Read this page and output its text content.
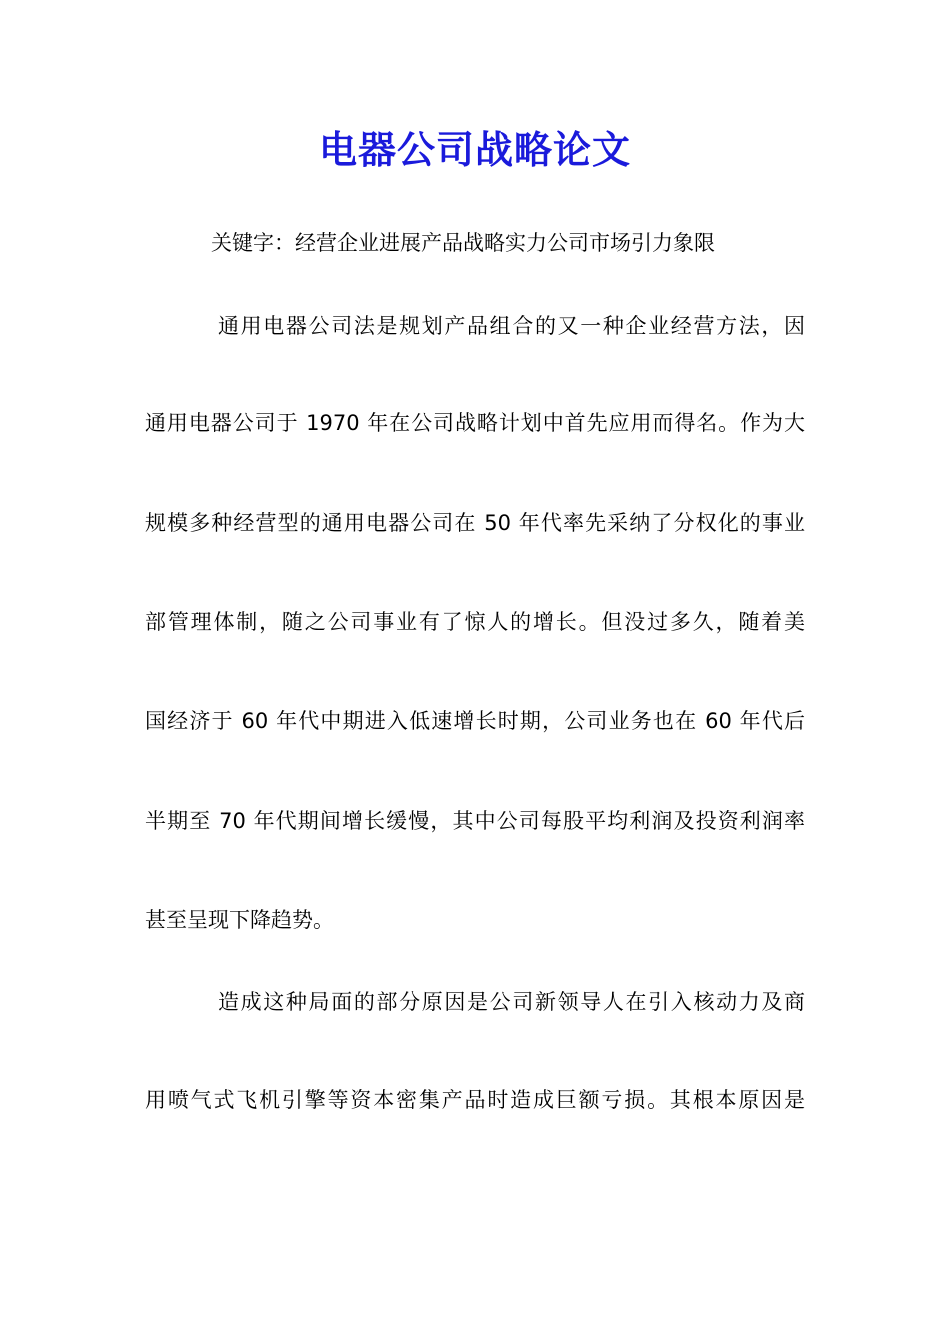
电器公司战略论文

关键字：经营企业进展产品战略实力公司市场引力象限

通用电器公司法是规划产品组合的又一种企业经营方法，因

通用电器公司于 1970 年在公司战略计划中首先应用而得名。作为大

规模多种经营型的通用电器公司在 50 年代率先采纳了分权化的事业

部管理体制，随之公司事业有了惊人的增长。但没过多久，随着美

国经济于 60 年代中期进入低速增长时期，公司业务也在 60 年代后

半期至 70 年代期间增长缓慢，其中公司每股平均利润及投资利润率

甚至呈现下降趋势。

造成这种局面的部分原因是公司新领导人在引入核动力及商

用喷气式飞机引擎等资本密集产品时造成巨额亏损。其根本原因是
